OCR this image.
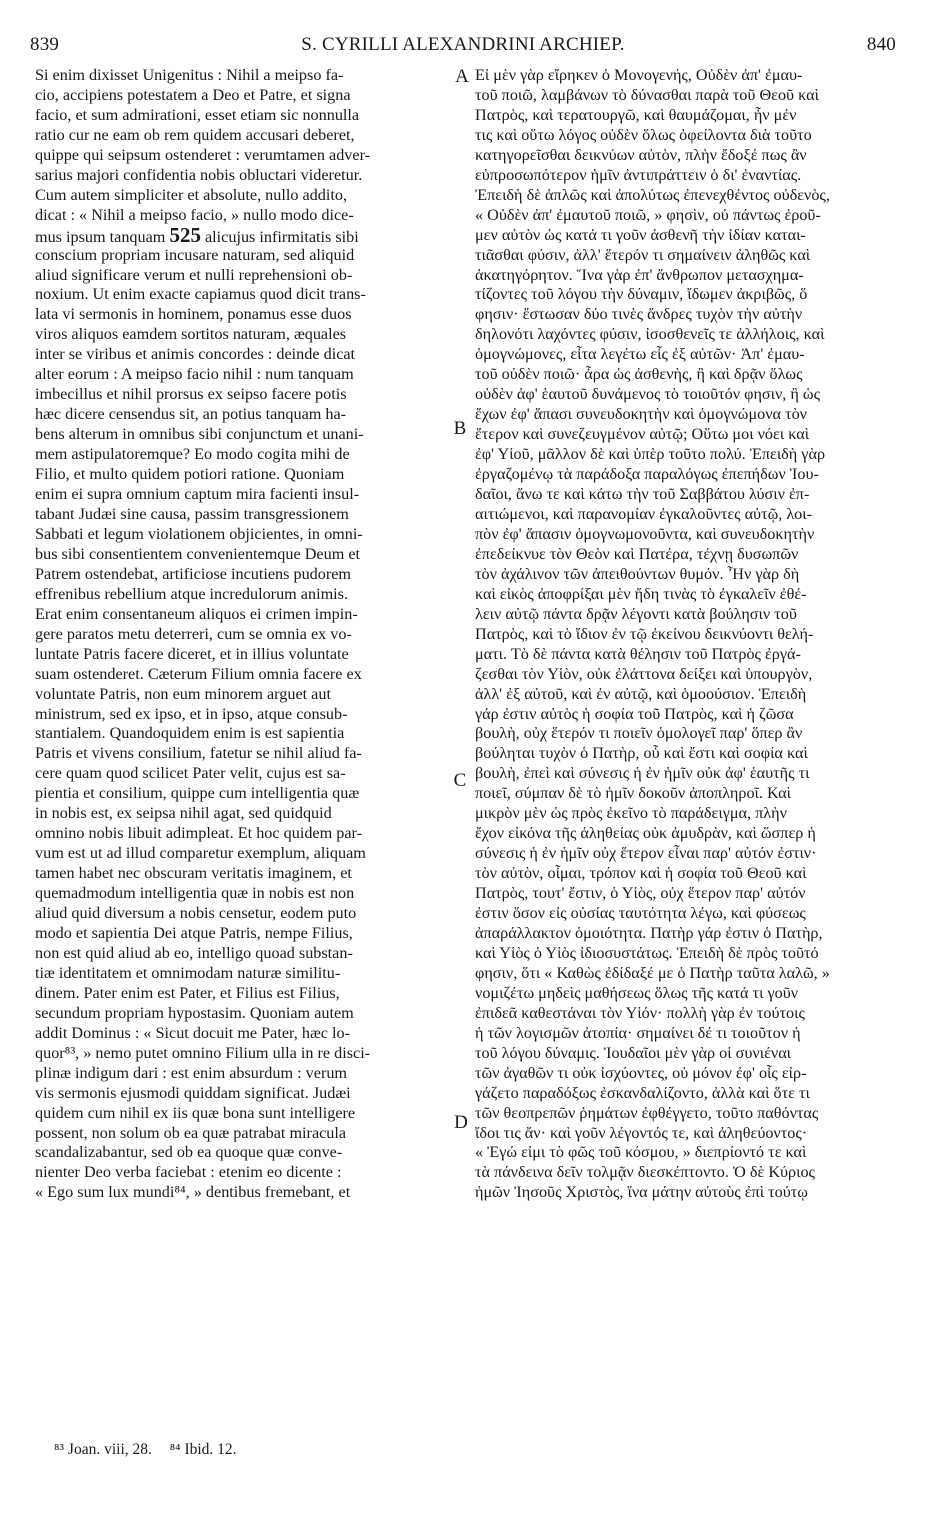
839	S. CYRILLI ALEXANDRINI ARCHIEP.	840
Si enim dixisset Unigenitus : Nihil a meipso fa-
cio, accipiens potestatem a Deo et Patre, et signa
facio, et sum admirationi, esset etiam sic nonnulla
ratio cur ne eam ob rem quidem accusari deberet,
quippe qui seipsum ostenderet : verumtamen adver-
sarius majori confidentia nobis obluctari videretur.
Cum autem simpliciter et absolute, nullo addito,
dicat : « Nihil a meipso facio, » nullo modo dice-
mus ipsum tanquam 525 alicujus infirmitatis sibi
conscium propriam incusare naturam, sed aliquid
aliud significare verum et nulli reprehensioni ob-
noxium. Ut enim exacte capiamus quod dicit trans-
lata vi sermonis in hominem, ponamus esse duos
viros aliquos eamdem sortitos naturam, æquales
inter se viribus et animis concordes : deinde dicat
alter eorum : A meipso facio nihil : num tanquam
imbecillus et nihil prorsus ex seipso facere potis
hæc dicere censendus sit, an potius tanquam ha-
bens alterum in omnibus sibi conjunctum et unani-
mem astipulatoremque? Eo modo cogita mihi de
Filio, et multo quidem potiori ratione. Quoniam
enim ei supra omnium captum mira facienti insul-
tabant Judæi sine causa, passim transgressionem
Sabbati et legum violationem objicientes, in omni-
bus sibi consentientem convenientemque Deum et
Patrem ostendebat, artificiose incutiens pudorem
effrenibus rebellium atque incredulorum animis.
Erat enim consentaneum aliquos ei crimen impin-
gere paratos metu deterreri, cum se omnia ex vo-
luntate Patris facere diceret, et in illius voluntate
suam ostenderet. Cæterum Filium omnia facere ex
voluntate Patris, non eum minorem arguet aut
ministrum, sed ex ipso, et in ipso, atque consub-
stantialem. Quandoquidem enim is est sapientia
Patris et vivens consilium, fatetur se nihil aliud fa-
cere quam quod scilicet Pater velit, cujus est sa-
pientia et consilium, quippe cum intelligentia quæ
in nobis est, ex seipsa nihil agat, sed quidquid
omnino nobis libuit adimpleat. Et hoc quidem par-
vum est ut ad illud comparetur exemplum, aliquam
tamen habet nec obscuram veritatis imaginem, et
quemadmodum intelligentia quæ in nobis est non
aliud quid diversum a nobis censetur, eodem puto
modo et sapientia Dei atque Patris, nempe Filius,
non est quid aliud ab eo, intelligo quoad substan-
tiæ identitatem et omnimodam naturæ similitu-
dinem. Pater enim est Pater, et Filius est Filius,
secundum propriam hypostasim. Quoniam autem
addit Dominus : « Sicut docuit me Pater, hæc lo-
quor⁸³, » nemo putet omnino Filium ulla in re disci-
plinæ indigum dari : est enim absurdum : verum
vis sermonis ejusmodi quiddam significat. Judæi
quidem cum nihil ex iis quæ bona sunt intelligere
possent, non solum ob ea quæ patrabat miracula
scandalizabantur, sed ob ea quoque quæ conve-
nienter Deo verba faciebat : etenim eo dicente :
« Ego sum lux mundi⁸⁴, » dentibus fremebant, et
A
B
C
D
Εἰ μὲν γὰρ εἴρηκεν ὁ Μονογενής, Οὐδὲν ἀπ' ἐμαυ-
τοῦ ποιῶ, λαμβάνων τὸ δύνασθαι παρὰ τοῦ Θεοῦ καὶ
Πατρὸς, καὶ τερατουργῶ, καὶ θαυμάζομαι, ἦν μέν
τις καὶ οὕτω λόγος οὐδὲν ὅλως ὀφείλοντα διὰ τοῦτο
κατηγορεῖσθαι δεικνύων αὐτὸν, πλὴν ἔδοξέ πως ἂν
εὐπροσωπότερον ἡμῖν ἀντιπράττειν ὁ δι' ἐναντίας.
Ἐπειδὴ δὲ ἁπλῶς καὶ ἀπολύτως ἐπενεχθέντος οὐδενὸς,
« Οὐδὲν ἀπ' ἐμαυτοῦ ποιῶ, » φησὶν, οὐ πάντως ἐροῦ-
μεν αὐτὸν ὡς κατά τι γοῦν ἀσθενῆ τὴν ἰδίαν καται-
τιᾶσθαι φύσιν, ἀλλ' ἕτερόν τι σημαίνειν ἀληθῶς καὶ
ἀκατηγόρητον. Ἵνα γὰρ ἐπ' ἄνθρωπον μετασχημα-
τίζοντες τοῦ λόγου τὴν δύναμιν, ἴδωμεν ἀκριβῶς, ὅ
φησιν· ἔστωσαν δύο τινὲς ἄνδρες τυχὸν τὴν αὐτὴν
δηλονότι λαχόντες φύσιν, ἰσοσθενεῖς τε ἀλλήλοις, καὶ
ὁμογνώμονες, εἶτα λεγέτω εἷς ἐξ αὐτῶν· Ἀπ' ἐμαυ-
τοῦ οὐδὲν ποιῶ· ἆρα ὡς ἀσθενὴς, ἢ καὶ δρᾷν ὅλως
οὐδὲν ἀφ' ἑαυτοῦ δυνάμενος τὸ τοιοῦτόν φησιν, ἢ ὡς
ἔχων ἐφ' ἅπασι συνευδοκητὴν καὶ ὁμογνώμονα τὸν
ἕτερον καὶ συνεζευγμένον αὐτῷ; Οὕτω μοι νόει καὶ
ἐφ' Υἱοῦ, μᾶλλον δὲ καὶ ὑπὲρ τοῦτο πολύ. Ἐπειδὴ γὰρ
ἐργαζομένῳ τὰ παράδοξα παραλόγως ἐπεπήδων Ἰου-
δαῖοι, ἄνω τε καὶ κάτω τὴν τοῦ Σαββάτου λύσιν ἐπ-
αιτιώμενοι, καὶ παρανομίαν ἐγκαλοῦντες αὐτῷ, λοι-
πὸν ἐφ' ἅπασιν ὁμογνωμονοῦντα, καὶ συνευδοκητὴν
ἐπεδείκνυε τὸν Θεὸν καὶ Πατέρα, τέχνῃ δυσωπῶν
τὸν ἀχάλινον τῶν ἀπειθούντων θυμόν. Ἦν γὰρ δὴ
καὶ εἰκὸς ἀποφρίξαι μὲν ἤδη τινὰς τὸ ἐγκαλεῖν ἐθέ-
λειν αὐτῷ πάντα δρᾷν λέγοντι κατὰ βούλησιν τοῦ
Πατρὸς, καὶ τὸ ἴδιον ἐν τῷ ἐκείνου δεικνύοντι θελή-
ματι. Τὸ δὲ πάντα κατὰ θέλησιν τοῦ Πατρὸς ἐργά-
ζεσθαι τὸν Υἱὸν, οὐκ ἐλάττονα δείξει καὶ ὑπουργὸν,
ἀλλ' ἐξ αὐτοῦ, καὶ ἐν αὐτῷ, καὶ ὁμοούσιον. Ἐπειδὴ
γάρ ἐστιν αὐτὸς ἡ σοφία τοῦ Πατρὸς, καὶ ἡ ζῶσα
βουλὴ, οὐχ ἕτερόν τι ποιεῖν ὁμολογεῖ παρ' ὅπερ ἂν
βούληται τυχὸν ὁ Πατὴρ, οὗ καὶ ἔστι καὶ σοφία καὶ
βουλὴ, ἐπεὶ καὶ σύνεσις ἡ ἐν ἡμῖν οὐκ ἀφ' ἑαυτῆς τι
ποιεῖ, σύμπαν δὲ τὸ ἡμῖν δοκοῦν ἀποπληροῖ. Καὶ
μικρὸν μὲν ὡς πρὸς ἐκεῖνο τὸ παράδειγμα, πλὴν
ἔχον εἰκόνα τῆς ἀληθείας οὐκ ἀμυδρὰν, καὶ ὥσπερ ἡ
σύνεσις ἡ ἐν ἡμῖν οὐχ ἕτερον εἶναι παρ' αὐτόν ἐστιν·
τὸν αὐτὸν, οἶμαι, τρόπον καὶ ἡ σοφία τοῦ Θεοῦ καὶ
Πατρὸς, τουτ' ἔστιν, ὁ Υἱὸς, οὐχ ἕτερον παρ' αὐτόν
ἐστιν ὅσον εἰς οὐσίας ταυτότητα λέγω, καὶ φύσεως
ἀπαράλλακτον ὁμοιότητα. Πατὴρ γάρ ἐστιν ὁ Πατὴρ,
καὶ Υἱὸς ὁ Υἱὸς ἰδιοσυστάτως. Ἐπειδὴ δὲ πρὸς τοῦτό
φησιν, ὅτι « Καθὼς ἐδίδαξέ με ὁ Πατὴρ ταῦτα λαλῶ, »
νομιζέτω μηδεὶς μαθήσεως ὅλως τῆς κατά τι γοῦν
ἐπιδεᾶ καθεστάναι τὸν Υἱόν· πολλὴ γὰρ ἐν τούτοις
ἡ τῶν λογισμῶν ἀτοπία· σημαίνει δέ τι τοιοῦτον ἡ
τοῦ λόγου δύναμις. Ἰουδαῖοι μὲν γὰρ οἱ συνιέναι
τῶν ἀγαθῶν τι οὐκ ἰσχύοντες, οὐ μόνον ἐφ' οἷς εἰρ-
γάζετο παραδόξως ἐσκανδαλίζοντο, ἀλλὰ καὶ ὅτε τι
τῶν θεοπρεπῶν ῥημάτων ἐφθέγγετο, τοῦτο παθόντας
ἴδοι τις ἄν· καὶ γοῦν λέγοντός τε, καὶ ἀληθεύοντος·
« Ἐγώ εἰμι τὸ φῶς τοῦ κόσμου, » διεπρίοντό τε καὶ
τὰ πάνδεινα δεῖν τολμᾷν διεσκέπτοντο. Ὁ δὲ Κύριος
ἡμῶν Ἰησοῦς Χριστὸς, ἵνα μάτην αὐτοὺς ἐπὶ τούτῳ
⁸³ Joan. viii, 28. ⁸⁴ Ibid. 12.
